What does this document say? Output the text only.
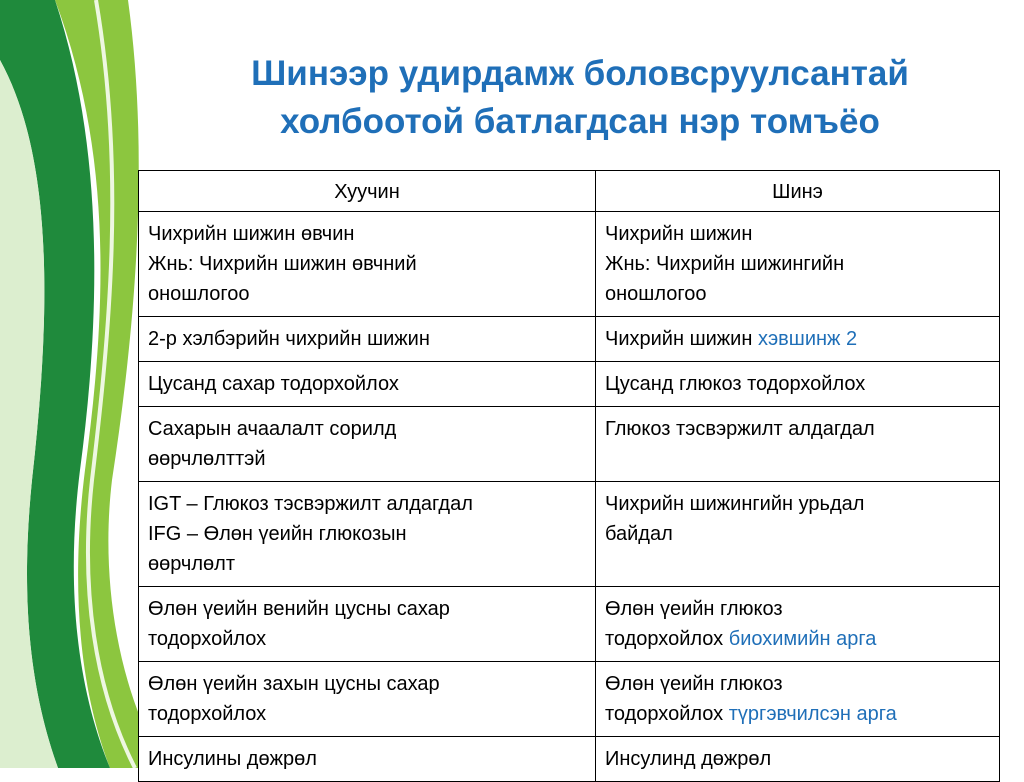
Шинээр удирдамж боловсруулсантай
холбоотой батлагдсан нэр томъёо
Хуучин	Шинэ

Чихрийн шижин өвчин
Жнь: Чихрийн шижин өвчний
оношлогоо	Чихрийн шижин
Жнь: Чихрийн шижингийн
оношлогоо

2-р хэлбэрийн чихрийн шижин	Чихрийн шижин хэвшинж 2

Цусанд сахар тодорхойлох	Цусанд глюкоз тодорхойлох

Сахарын ачаалалт сорилд
өөрчлөлттэй	Глюкоз тэсвэржилт алдагдал

IGT – Глюкоз тэсвэржилт алдагдал
IFG – Өлөн үеийн глюкозын
өөрчлөлт	Чихрийн шижингийн урьдал
байдал

Өлөн үеийн венийн цусны сахар
тодорхойлох	Өлөн үеийн глюкоз
тодорхойлох биохимийн арга

Өлөн үеийн захын цусны сахар
тодорхойлох	Өлөн үеийн глюкоз
тодорхойлох түргэвчилсэн арга

Инсулины дөжрөл	Инсулинд дөжрөл
